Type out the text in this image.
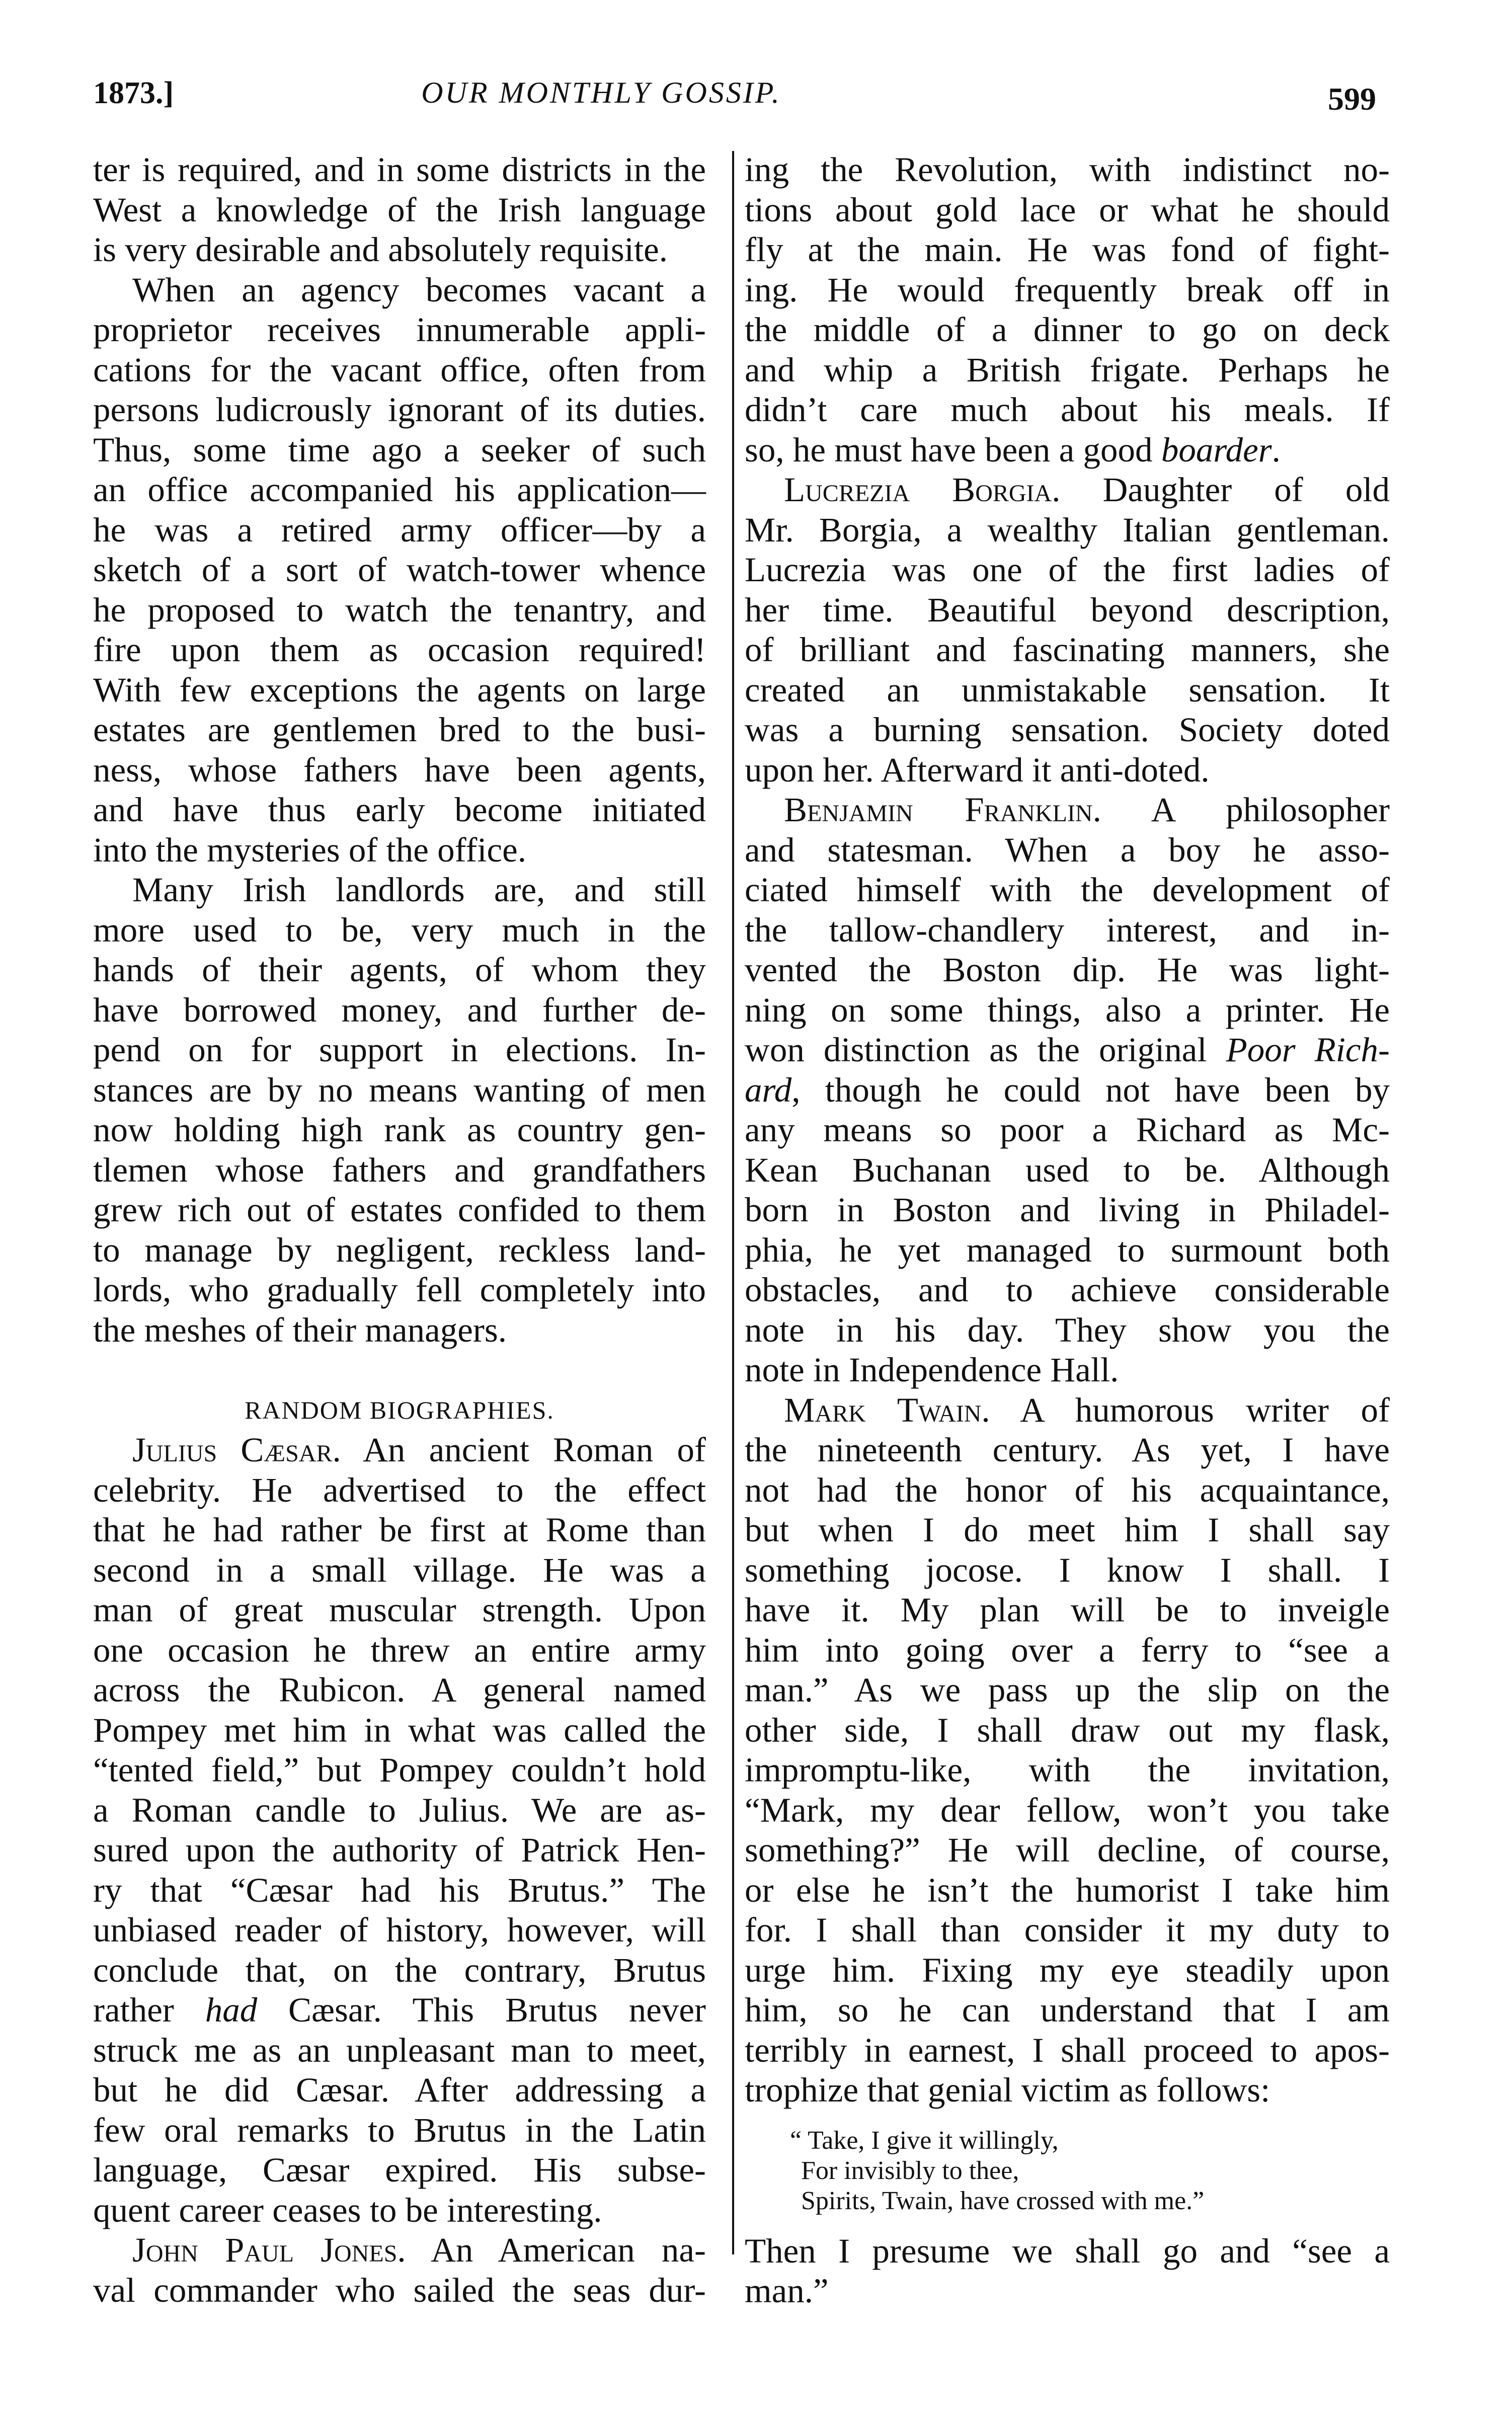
1873.]	OUR MONTHLY GOSSIP.	599
ter is required, and in some districts in the
West a knowledge of the Irish language
is very desirable and absolutely requisite.
When an agency becomes vacant a
proprietor receives innumerable appli-
cations for the vacant office, often from
persons ludicrously ignorant of its duties.
Thus, some time ago a seeker of such
an office accompanied his application—
he was a retired army officer—by a
sketch of a sort of watch-tower whence
he proposed to watch the tenantry, and
fire upon them as occasion required!
With few exceptions the agents on large
estates are gentlemen bred to the busi-
ness, whose fathers have been agents,
and have thus early become initiated
into the mysteries of the office.
Many Irish landlords are, and still
more used to be, very much in the
hands of their agents, of whom they
have borrowed money, and further de-
pend on for support in elections. In-
stances are by no means wanting of men
now holding high rank as country gen-
tlemen whose fathers and grandfathers
grew rich out of estates confided to them
to manage by negligent, reckless land-
lords, who gradually fell completely into
the meshes of their managers.
RANDOM BIOGRAPHIES.
Julius Cæsar. An ancient Roman of
celebrity. He advertised to the effect
that he had rather be first at Rome than
second in a small village. He was a
man of great muscular strength. Upon
one occasion he threw an entire army
across the Rubicon. A general named
Pompey met him in what was called the
“tented field,” but Pompey couldn’t hold
a Roman candle to Julius. We are as-
sured upon the authority of Patrick Hen-
ry that “Cæsar had his Brutus.” The
unbiased reader of history, however, will
conclude that, on the contrary, Brutus
rather had Cæsar. This Brutus never
struck me as an unpleasant man to meet,
but he did Cæsar. After addressing a
few oral remarks to Brutus in the Latin
language, Cæsar expired. His subse-
quent career ceases to be interesting.
John Paul Jones. An American na-
val commander who sailed the seas dur-
ing the Revolution, with indistinct no-
tions about gold lace or what he should
fly at the main. He was fond of fight-
ing. He would frequently break off in
the middle of a dinner to go on deck
and whip a British frigate. Perhaps he
didn’t care much about his meals. If
so, he must have been a good boarder.
Lucrezia Borgia. Daughter of old
Mr. Borgia, a wealthy Italian gentleman.
Lucrezia was one of the first ladies of
her time. Beautiful beyond description,
of brilliant and fascinating manners, she
created an unmistakable sensation. It
was a burning sensation. Society doted
upon her. Afterward it anti-doted.
Benjamin Franklin. A philosopher
and statesman. When a boy he asso-
ciated himself with the development of
the tallow-chandlery interest, and in-
vented the Boston dip. He was light-
ning on some things, also a printer. He
won distinction as the original Poor Rich-
ard, though he could not have been by
any means so poor a Richard as Mc-
Kean Buchanan used to be. Although
born in Boston and living in Philadel-
phia, he yet managed to surmount both
obstacles, and to achieve considerable
note in his day. They show you the
note in Independence Hall.
Mark Twain. A humorous writer of
the nineteenth century. As yet, I have
not had the honor of his acquaintance,
but when I do meet him I shall say
something jocose. I know I shall. I
have it. My plan will be to inveigle
him into going over a ferry to “see a
man.” As we pass up the slip on the
other side, I shall draw out my flask,
impromptu-like, with the invitation,
“Mark, my dear fellow, won’t you take
something?” He will decline, of course,
or else he isn’t the humorist I take him
for. I shall than consider it my duty to
urge him. Fixing my eye steadily upon
him, so he can understand that I am
terribly in earnest, I shall proceed to apos-
trophize that genial victim as follows:
“ Take, I give it willingly,
For invisibly to thee,
Spirits, Twain, have crossed with me.”
Then I presume we shall go and “see a
man.”
